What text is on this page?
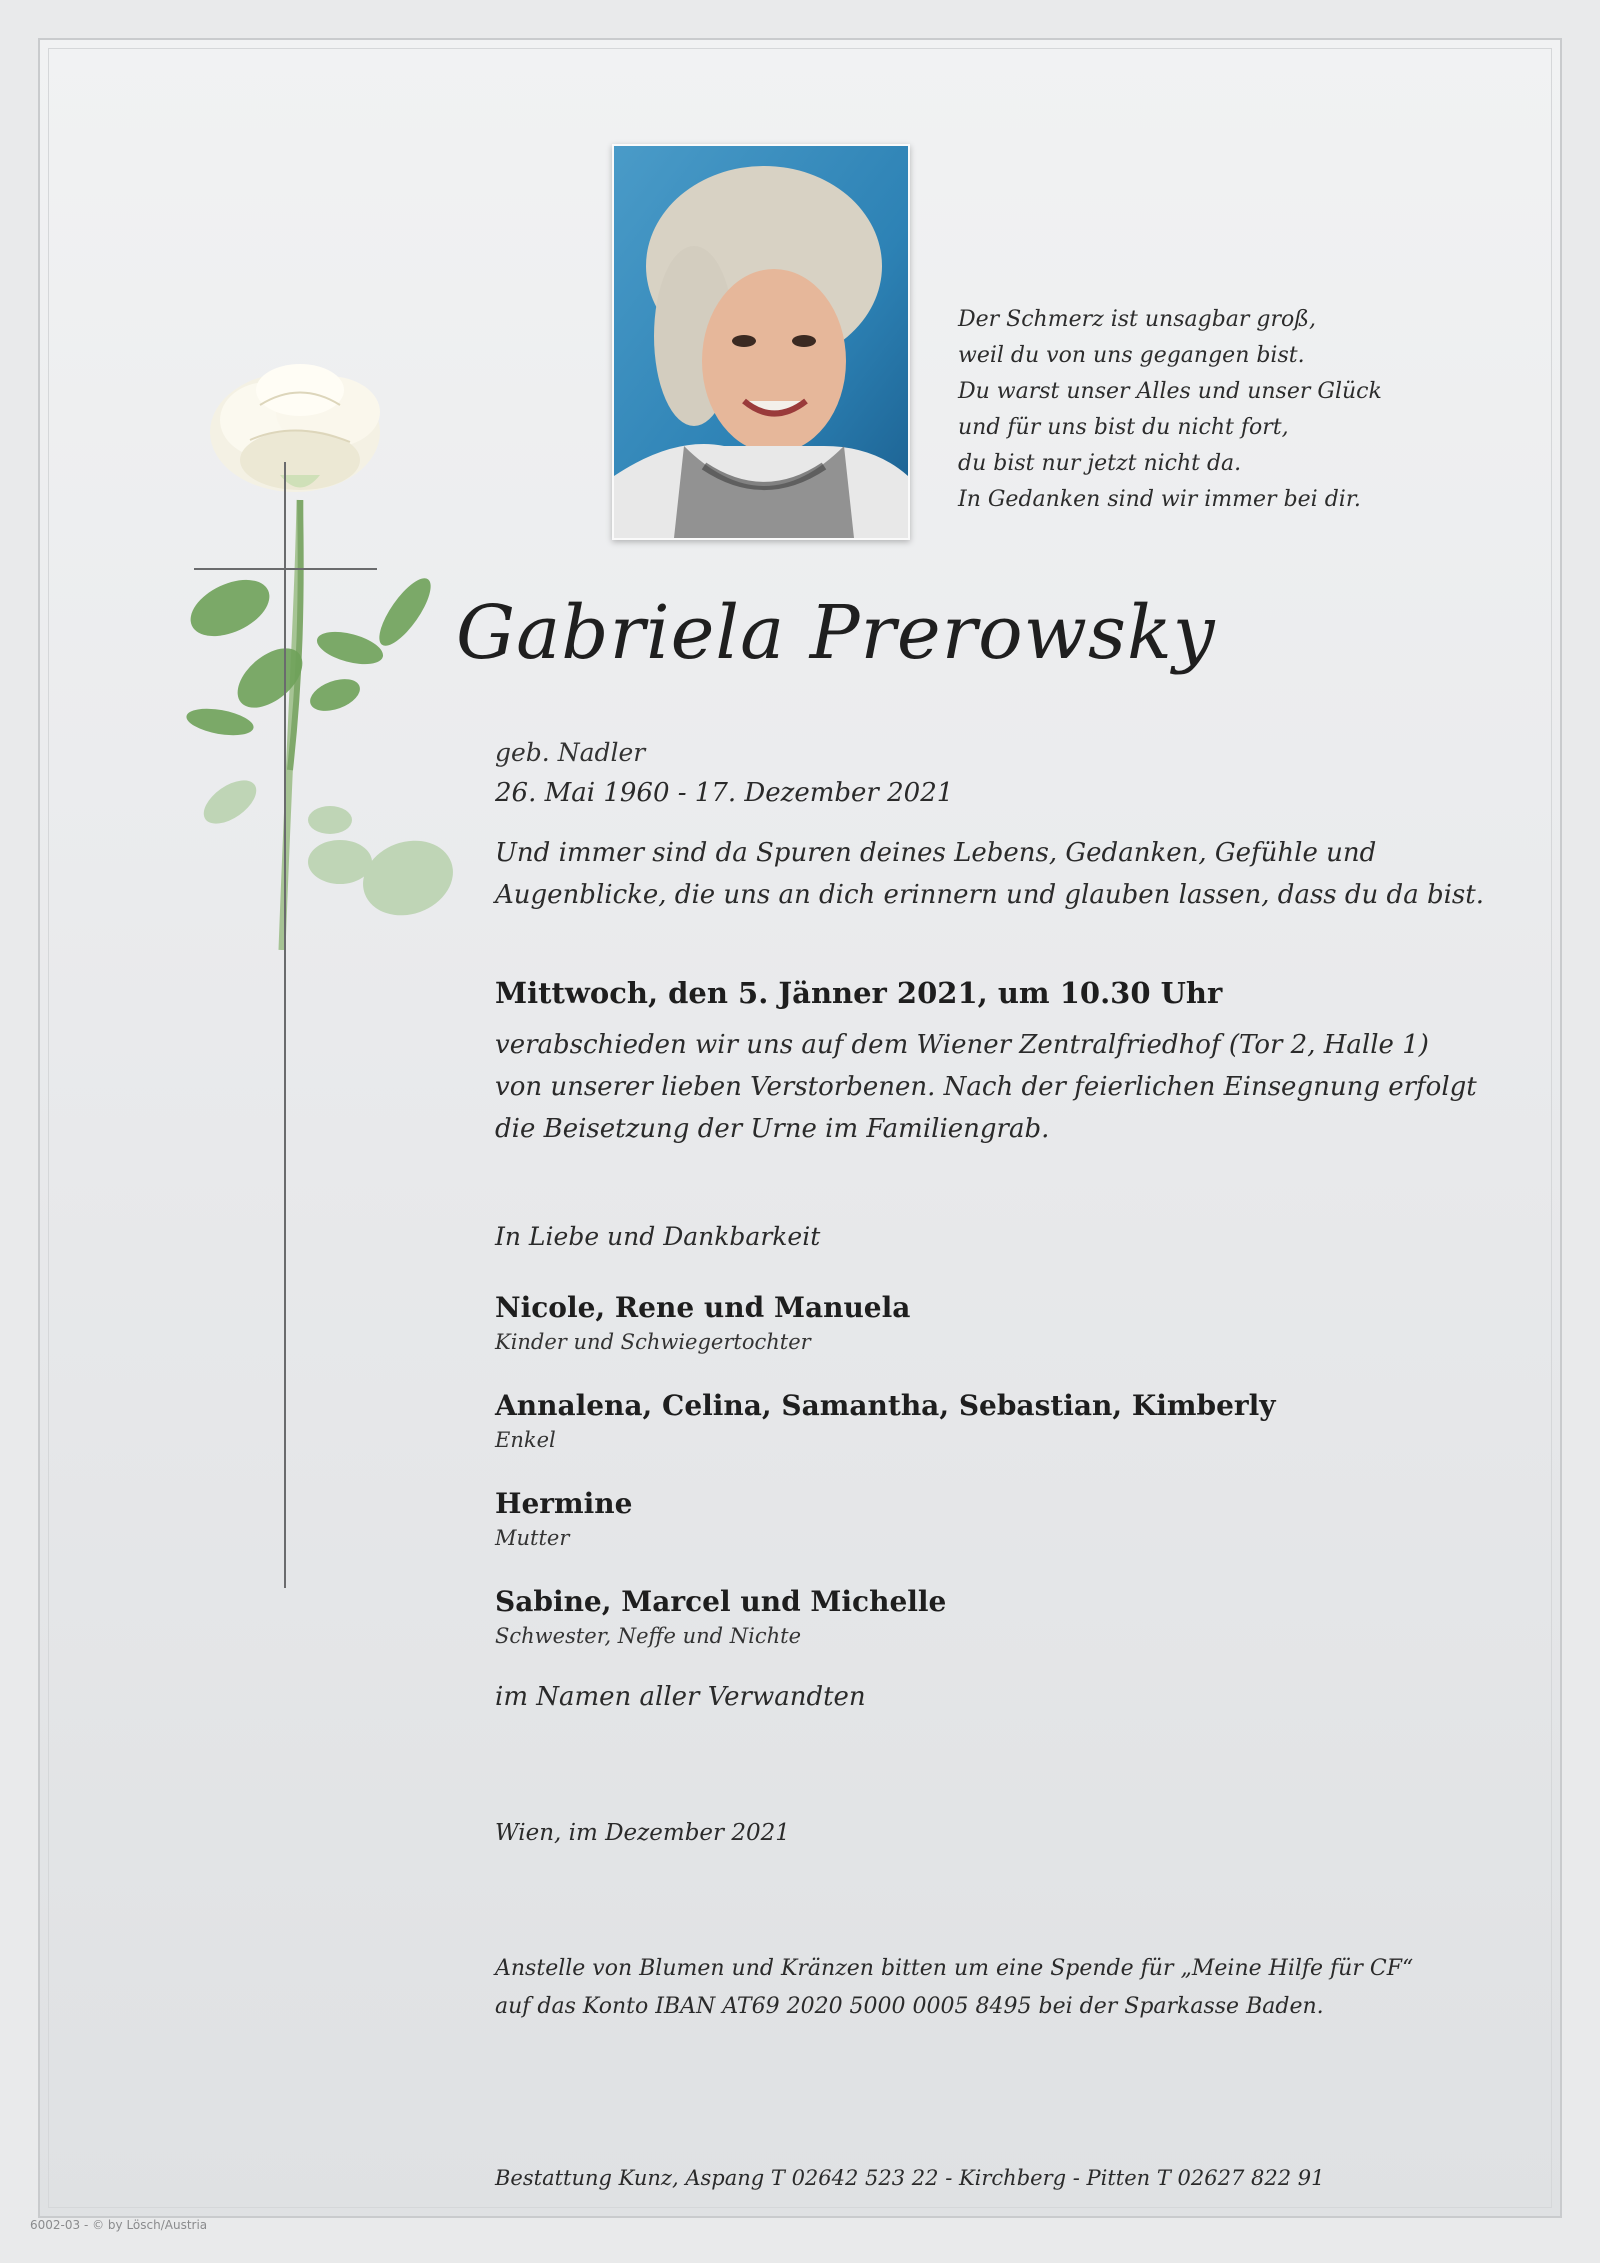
Der Schmerz ist unsagbar groß,
weil du von uns gegangen bist.
Du warst unser Alles und unser Glück
und für uns bist du nicht fort,
du bist nur jetzt nicht da.
In Gedanken sind wir immer bei dir.
Gabriela Prerowsky
geb. Nadler
26. Mai 1960 - 17. Dezember 2021
Und immer sind da Spuren deines Lebens, Gedanken, Gefühle und
Augenblicke, die uns an dich erinnern und glauben lassen, dass du da bist.
Mittwoch, den 5. Jänner 2021, um 10.30 Uhr
verabschieden wir uns auf dem Wiener Zentralfriedhof (Tor 2, Halle 1)
von unserer lieben Verstorbenen. Nach der feierlichen Einsegnung erfolgt
die Beisetzung der Urne im Familiengrab.
In Liebe und Dankbarkeit
Nicole, Rene und Manuela
Kinder und Schwiegertochter
Annalena, Celina, Samantha, Sebastian, Kimberly
Enkel
Hermine
Mutter
Sabine, Marcel und Michelle
Schwester, Neffe und Nichte
im Namen aller Verwandten
Wien, im Dezember 2021
Anstelle von Blumen und Kränzen bitten um eine Spende für „Meine Hilfe für CF“
auf das Konto IBAN AT69 2020 5000 0005 8495 bei der Sparkasse Baden.
Bestattung Kunz, Aspang T 02642 523 22 - Kirchberg - Pitten T 02627 822 91
6002-03 - © by Lösch/Austria
